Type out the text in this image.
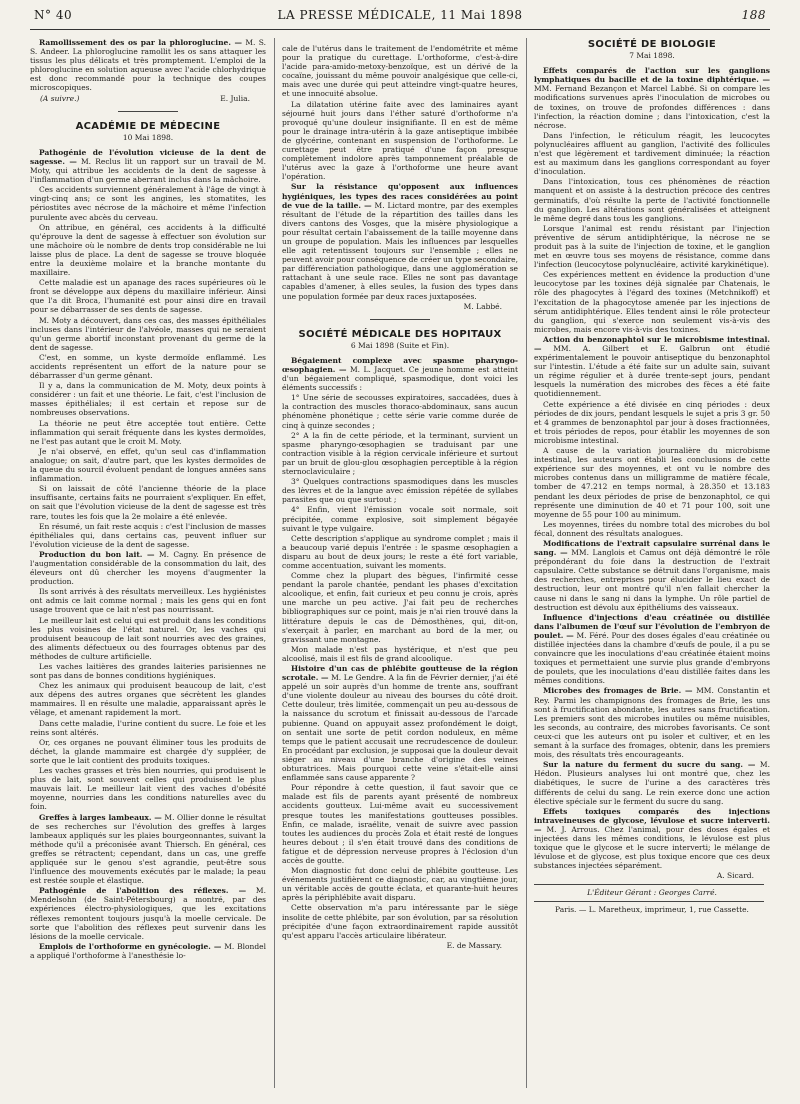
N° 40	LA PRESSE MÉDICALE, 11 Mai 1898	188

Ramollissement des os par la phloroglucine. — M. S. S. Andeer. La phloroglucine ramollit les os sans attaquer les tissus les plus délicats et très promptement. L'emploi de la phloroglucine en solution aqueuse avec l'acide chlorhydrique est donc recommandé pour la technique des coupes microscopiques.

(A suivre.)	E. Julia.
ACADÉMIE DE MÉDECINE
10 Mai 1898.

Pathogénie de l'évolution vicieuse de la dent de sagesse. — M. Reclus lit un rapport sur un travail de M. Moty, qui attribue les accidents de la dent de sagesse à l'inflammation d'un germe aberrant inclus dans la mâchoire.

Ces accidents surviennent généralement à l'âge de vingt à vingt-cinq ans; ce sont les angines, les stomatites, les périostites avec nécrose de la mâchoire et même l'infection purulente avec abcès du cerveau.

On attribue, en général, ces accidents à la difficulté qu'éprouve la dent de sagesse à effectuer son évolution sur une mâchoire où le nombre de dents trop considérable ne lui laisse plus de place. La dent de sagesse se trouve bloquée entre la deuxième molaire et la branche montante du maxillaire.

Cette maladie est un apanage des races supérieures où le front se développe aux dépens du maxillaire inférieur. Ainsi que l'a dit Broca, l'humanité est pour ainsi dire en travail pour se débarrasser de ses dents de sagesse.

M. Moty a découvert, dans ces cas, des masses épithéliales incluses dans l'intérieur de l'alvéole, masses qui ne seraient qu'un germe abortif inconstant provenant du germe de la dent de sagesse.

C'est, en somme, un kyste dermoïde enflammé. Les accidents représentent un effort de la nature pour se débarrasser d'un germe gênant.

Il y a, dans la communication de M. Moty, deux points à considérer : un fait et une théorie. Le fait, c'est l'inclusion de masses épithéliales; il est certain et repose sur de nombreuses observations.

La théorie ne peut être acceptée tout entière. Cette inflammation qui serait fréquente dans les kystes dermoïdes, ne l'est pas autant que le croit M. Moty.

Je n'ai observé, en effet, qu'un seul cas d'inflammation analogue; on sait, d'autre part, que les kystes dermoïdes de la queue du sourcil évoluent pendant de longues années sans inflammation.

Si on laissait de côté l'ancienne théorie de la place insuffisante, certains faits ne pourraient s'expliquer. En effet, on sait que l'évolution vicieuse de la dent de sagesse est très rare, toutes les fois que la 2e molaire a été enlevée.

En résumé, un fait reste acquis : c'est l'inclusion de masses épithéliales qui, dans certains cas, peuvent influer sur l'évolution vicieuse de la dent de sagesse.

Production du bon lait. — M. Cagny. En présence de l'augmentation considérable de la consommation du lait, des éleveurs ont dû chercher les moyens d'augmenter la production.

Ils sont arrivés à des résultats merveilleux. Les hygiénistes ont admis ce lait comme normal ; mais les gens qui en font usage trouvent que ce lait n'est pas nourrissant.

Le meilleur lait est celui qui est produit dans les conditions les plus voisines de l'état naturel. Or, les vaches qui produisent beaucoup de lait sont nourries avec des graines, des aliments défectueux ou des fourrages obtenus par des méthodes de culture artificielle.

Les vaches laitières des grandes laiteries parisiennes ne sont pas dans de bonnes conditions hygiéniques.

Chez les animaux qui produisent beaucoup de lait, c'est aux dépens des autres organes que sécrètent les glandes mammaires. Il en résulte une maladie, apparaissant après le vêlage, et amenant rapidement la mort.

Dans cette maladie, l'urine contient du sucre. Le foie et les reins sont altérés.

Or, ces organes ne pouvant éliminer tous les produits de déchet, la glande mammaire est chargée d'y suppléer, de sorte que le lait contient des produits toxiques.

Les vaches grasses et très bien nourries, qui produisent le plus de lait, sont souvent celles qui produisent le plus mauvais lait. Le meilleur lait vient des vaches d'obésité moyenne, nourries dans les conditions naturelles avec du foin.

Greffes à larges lambeaux. — M. Ollier donne le résultat de ses recherches sur l'évolution des greffes à larges lambeaux appliqués sur les plaies bourgeonnantes, suivant la méthode qu'il a préconisée avant Thiersch. En général, ces greffes se rétractent; cependant, dans un cas, une greffe appliquée sur le genou s'est agrandie, peut-être sous l'influence des mouvements exécutés par le malade; la peau est restée souple et élastique.

Pathogénie de l'abolition des réflexes. — M. Mendelsohn (de Saint-Pétersbourg) a montré, par des expériences électro-physiologiques, que les excitations réflexes remontent toujours jusqu'à la moelle cervicale. De sorte que l'abolition des réflexes peut survenir dans les lésions de la moelle cervicale.

Emplois de l'orthoforme en gynécologie. — M. Blondel a appliqué l'orthoforme à l'anesthésie lo-

cale de l'utérus dans le traitement de l'endométrite et même pour la pratique du curettage. L'orthoforme, c'est-à-dire l'acide para-amido-metoxy-benzoïque, est un dérivé de la cocaïne, jouissant du même pouvoir analgésique que celle-ci, mais avec une durée qui peut atteindre vingt-quatre heures, et une innocuité absolue.

La dilatation utérine faite avec des laminaires ayant séjourné huit jours dans l'éther saturé d'orthoforme n'a provoqué qu'une douleur insignifiante. Il en est de même pour le drainage intra-utérin à la gaze antiseptique imbibée de glycérine, contenant en suspension de l'orthoforme. Le curettage peut être pratiqué d'une façon presque complètement indolore après tamponnement préalable de l'utérus avec la gaze à l'orthoforme une heure avant l'opération.

Sur la résistance qu'opposent aux influences hygiéniques, les types des races considérées au point de vue de la taille. — M. Lictard montre, par des exemples résultant de l'étude de la répartition des tailles dans les divers cantons des Vosges, que la misère physiologique a pour résultat certain l'abaissement de la taille moyenne dans un groupe de population. Mais les influences par lesquelles elle agit retentissent toujours sur l'ensemble ; elles ne peuvent avoir pour conséquence de créer un type secondaire, par différenciation pathologique, dans une agglomération se rattachant à une seule race. Elles ne sont pas davantage capables d'amener, à elles seules, la fusion des types dans une population formée par deux races juxtaposées.

M. Labbé.
SOCIÉTÉ MÉDICALE DES HOPITAUX
6 Mai 1898 (Suite et Fin).

Bégaiement complexe avec spasme pharyngo-œsophagien. — M. L. Jacquet. Ce jeune homme est atteint d'un bégaiement compliqué, spasmodique, dont voici les éléments successifs :

1° Une série de secousses expiratoires, saccadées, dues à la contraction des muscles thoraco-abdominaux, sans aucun phénomène phonétique ; cette série varie comme durée de cinq à quinze secondes ;

2° A la fin de cette période, et la terminant, survient un spasme pharyngo-œsophagien se traduisant par une contraction visible à la région cervicale inférieure et surtout par un bruit de glou-glou œsophagien perceptible à la région sternoclaviculaire ;

3° Quelques contractions spasmodiques dans les muscles des lèvres et de la langue avec émission répétée de syllabes parasites que ou que surtout ;

4° Enfin, vient l'émission vocale soit normale, soit précipitée, comme explosive, soit simplement bégayée suivant le type vulgaire.

Cette description s'applique au syndrome complet ; mais il a beaucoup varié depuis l'entrée : le spasme œsophagien a disparu au bout de deux jours; le reste a été fort variable, comme accentuation, suivant les moments.

Comme chez la plupart des bègues, l'infirmité cesse pendant la parole chantée, pendant les phases d'excitation alcoolique, et enfin, fait curieux et peu connu je crois, après une marche un peu active. J'ai fait peu de recherches bibliographiques sur ce point, mais je n'ai rien trouvé dans la littérature depuis le cas de Démosthènes, qui, dit-on, s'exerçait à parler, en marchant au bord de la mer, ou gravissant une montagne.

Mon malade n'est pas hystérique, et n'est que peu alcoolisé, mais il est fils de grand alcoolique.

Histoire d'un cas de phlébite goutteuse de la région scrotale. — M. Le Gendre. A la fin de Février dernier, j'ai été appelé un soir auprès d'un homme de trente ans, souffrant d'une violente douleur au niveau des bourses du côté droit. Cette douleur, très limitée, commençait un peu au-dessous de la naissance du scrotum et finissait au-dessous de l'arcade pubienne. Quand on appuyait assez profondément le doigt, on sentait une sorte de petit cordon noduleux, en même temps que le patient accusait une recrudescence de douleur. En procédant par exclusion, je supposai que la douleur devait siéger au niveau d'une branche d'origine des veines obturatrices. Mais pourquoi cette veine s'était-elle ainsi enflammée sans cause apparente ?

Pour répondre à cette question, il faut savoir que ce malade est fils de parents ayant présenté de nombreux accidents goutteux. Lui-même avait eu successivement presque toutes les manifestations goutteuses possibles. Enfin, ce malade, israélite, venait de suivre avec passion toutes les audiences du procès Zola et était resté de longues heures debout ; il s'en était trouvé dans des conditions de fatigue et de dépression nerveuse propres à l'éclosion d'un accès de goutte.

Mon diagnostic fut donc celui de phlébite goutteuse. Les événements justifièrent ce diagnostic, car, au vingtième jour, un véritable accès de goutte éclata, et quarante-huit heures après la périphlébite avait disparu.

Cette observation m'a paru intéressante par le siège insolite de cette phlébite, par son évolution, par sa résolution précipitée d'une façon extraordinairement rapide aussitôt qu'est apparu l'accès articulaire libérateur.

E. de Massary.
SOCIÉTÉ DE BIOLOGIE
7 Mai 1898.

Effets comparés de l'action sur les ganglions lymphatiques du bacille et de la toxine diphtérique. — MM. Fernand Bezançon et Marcel Labbé. Si on compare les modifications survenues après l'inoculation de microbes ou de toxines, on trouve de profondes différences : dans l'infection, la réaction domine ; dans l'intoxication, c'est la nécrose.

Dans l'infection, le réticulum réagit, les leucocytes polynucléaires affluent au ganglion, l'activité des follicules n'est que légèrement et tardivement diminuée; la réaction est au maximum dans les ganglions correspondant au foyer d'inoculation.

Dans l'intoxication, tous ces phénomènes de réaction manquent et on assiste à la destruction précoce des centres germinatifs, d'où résulte la perte de l'activité fonctionnelle du ganglion. Les altérations sont généralisées et atteignent le même degré dans tous les ganglions.

Lorsque l'animal est rendu résistant par l'injection préventive de sérum antidiphtérique, la nécrose ne se produit pas à la suite de l'injection de toxine, et le ganglion met en œuvre tous ses moyens de résistance, comme dans l'infection (leucocytose polynucléaire, activité karykinétique).

Ces expériences mettent en évidence la production d'une leucocytose par les toxines déjà signalée par Chatenais, le rôle des phagocytes à l'égard des toxines (Metchnikoff) et l'excitation de la phagocytose amenée par les injections de sérum antidiphtérique. Elles tendent ainsi le rôle protecteur du ganglion, qui s'exerce non seulement vis-à-vis des microbes, mais encore vis-à-vis des toxines.

Action du benzonaphtol sur le microbisme intestinal. — MM. A. Gilbert et E. Galbrun ont étudié expérimentalement le pouvoir antiseptique du benzonaphtol sur l'intestin. L'étude a été faite sur un adulte sain, suivant un régime régulier et à durée trente-sept jours, pendant lesquels la numération des microbes des fèces a été faite quotidiennement.

Cette expérience a été divisée en cinq périodes : deux périodes de dix jours, pendant lesquels le sujet a pris 3 gr. 50 et 4 grammes de benzonaphtol par jour à doses fractionnées, et trois périodes de repos, pour établir les moyennes de son microbisme intestinal.

A cause de la variation journalière du microbisme intestinal, les auteurs ont établi les conclusions de cette expérience sur des moyennes, et ont vu le nombre des microbes contenus dans un milligramme de matière fécale, tomber de 47.212 en temps normal, à 28.350 et 13.183 pendant les deux périodes de prise de benzonaphtol, ce qui représente une diminution de 40 et 71 pour 100, soit une moyenne de 55 pour 100 au minimum.

Les moyennes, tirées du nombre total des microbes du bol fécal, donnent des résultats analogues.

Modifications de l'extrait capsulaire surrénal dans le sang. — MM. Langlois et Camus ont déjà démontré le rôle prépondérant du foie dans la destruction de l'extrait capsulaire. Cette substance se détruit dans l'organisme, mais des recherches, entreprises pour élucider le lieu exact de destruction, leur ont montré qu'il n'en fallait chercher la cause ni dans le sang ni dans la lymphe. Un rôle partiel de destruction est dévolu aux épithéliums des vaisseaux.

Influence d'injections d'eau créatinée ou distillée dans l'albumen de l'œuf sur l'évolution de l'embryon de poulet. — M. Féré. Pour des doses égales d'eau créatinée ou distillée injectées dans la chambre d'œufs de poule, il a pu se convaincre que les inoculations d'eau créatinée étaient moins toxiques et permettaient une survie plus grande d'embryons de poulets, que les inoculations d'eau distillée faites dans les mêmes conditions.

Microbes des fromages de Brie. — MM. Constantin et Rey. Parmi les champignons des fromages de Brie, les uns sont à fructification abondante, les autres sans fructification. Les premiers sont des microbes inutiles ou même nuisibles, les seconds, au contraire, des microbes favorisants. Ce sont ceux-ci que les auteurs ont pu isoler et cultiver, et en les semant à la surface des fromages, obtenir, dans les premiers mois, des résultats très encourageants.

Sur la nature du ferment du sucre du sang. — M. Hédon. Plusieurs analyses lui ont montré que, chez les diabétiques, le sucre de l'urine a des caractères très différents de celui du sang. Le rein exerce donc une action élective spéciale sur le ferment du sucre du sang.

Effets toxiques comparés des injections intraveineuses de glycose, lévulose et sucre interverti. — M. J. Arrous. Chez l'animal, pour des doses égales et injectées dans les mêmes conditions, le lévulose est plus toxique que le glycose et le sucre interverti; le mélange de lévulose et de glycose, est plus toxique encore que ces deux substances injectées séparément.

A. Sicard.
L'Éditeur Gérant : Georges Carré.
Paris. — L. Maretheux, imprimeur, 1, rue Cassette.
